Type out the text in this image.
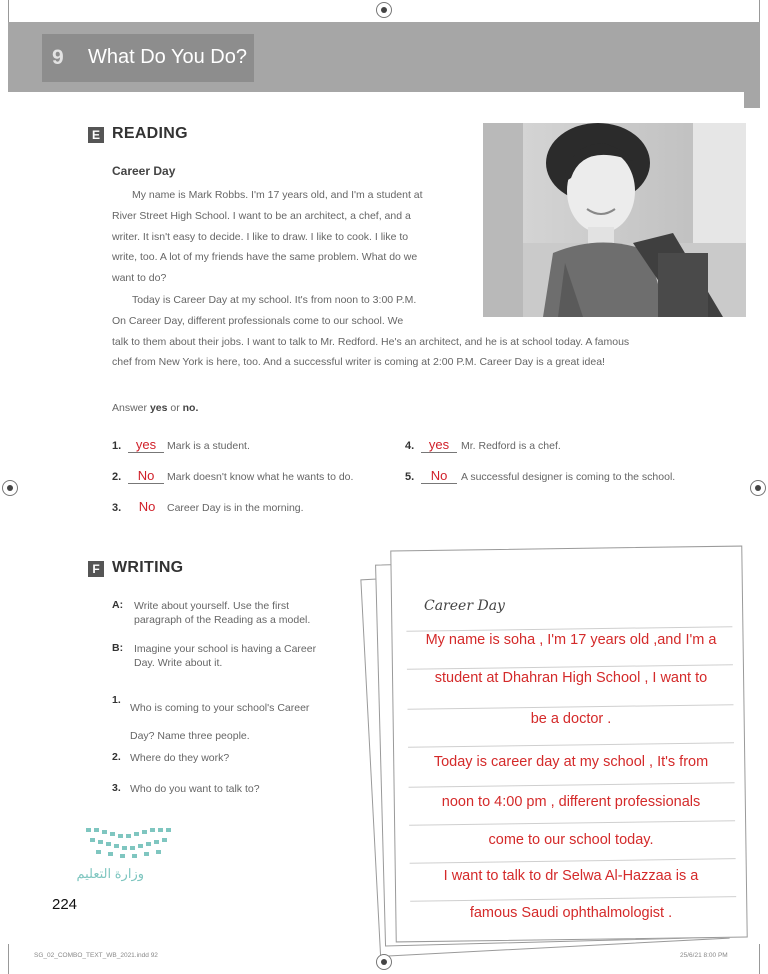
9 What Do You Do?
E READING
Career Day
My name is Mark Robbs. I'm 17 years old, and I'm a student at
River Street High School. I want to be an architect, a chef, and a
writer. It isn't easy to decide. I like to draw. I like to cook. I like to
write, too. A lot of my friends have the same problem. What do we
want to do?
Today is Career Day at my school. It's from noon to 3:00 P.M.
On Career Day, different professionals come to our school. We
talk to them about their jobs. I want to talk to Mr. Redford. He's an architect, and he is at school today. A famous
chef from New York is here, too. And a successful writer is coming at 2:00 P.M. Career Day is a great idea!
Answer yes or no.
1.	yes	Mark is a student.
2.	No	Mark doesn't know what he wants to do.
3.	No	Career Day is in the morning.
4.	yes	Mr. Redford is a chef.
5.	No	A successful designer is coming to the school.
F WRITING
A: Write about yourself. Use the first
paragraph of the Reading as a model.
B: Imagine your school is having a Career
Day. Write about it.
1.
Who is coming to your school's Career
Day? Name three people.
2. Where do they work?
3. Who do you want to talk to?
Career Day
My name is soha , I'm 17 years old ,and I'm a
student at Dhahran High School , I want to
be a doctor .
Today is career day at my school , It's from
noon to 4:00 pm , different professionals
come to our school today.
I want to talk to dr Selwa Al-Hazzaa is a
famous Saudi ophthalmologist .
وزارة التعليم
224
SG_02_COMBO_TEXT_WB_2021.indd 92	25/6/21 8:00 PM
